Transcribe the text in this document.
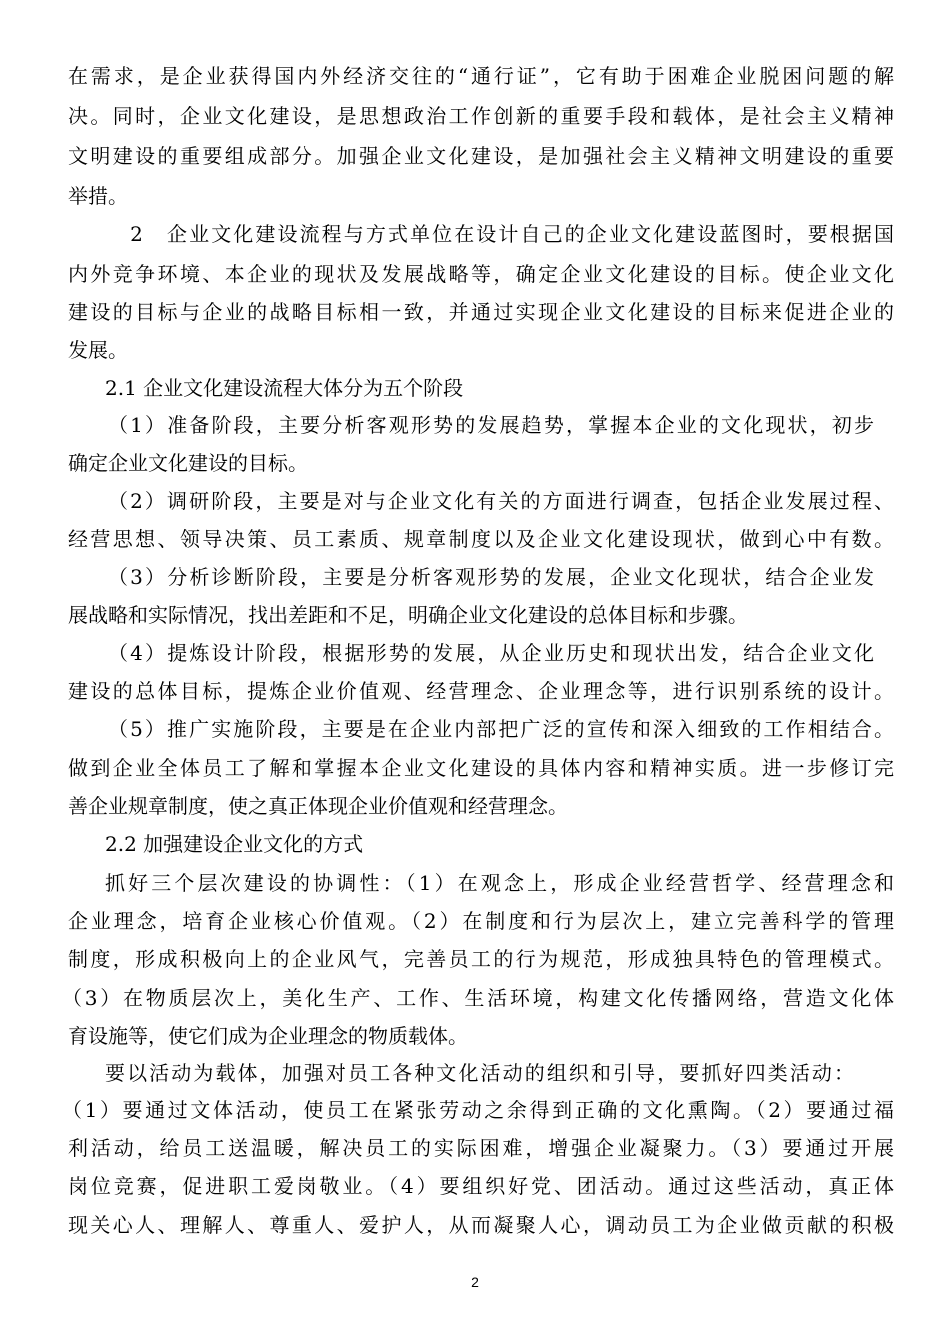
在需求，是企业获得国内外经济交往的“通行证”，它有助于困难企业脱困问题的解
决。同时，企业文化建设，是思想政治工作创新的重要手段和载体，是社会主义精神
文明建设的重要组成部分。加强企业文化建设，是加强社会主义精神文明建设的重要
举措。
　2　企业文化建设流程与方式单位在设计自己的企业文化建设蓝图时，要根据国
内外竞争环境、本企业的现状及发展战略等，确定企业文化建设的目标。使企业文化
建设的目标与企业的战略目标相一致，并通过实现企业文化建设的目标来促进企业的
发展。
2.1 企业文化建设流程大体分为五个阶段
（1）准备阶段，主要分析客观形势的发展趋势，掌握本企业的文化现状，初步
确定企业文化建设的目标。
（2）调研阶段，主要是对与企业文化有关的方面进行调查，包括企业发展过程、
经营思想、领导决策、员工素质、规章制度以及企业文化建设现状，做到心中有数。
（3）分析诊断阶段，主要是分析客观形势的发展，企业文化现状，结合企业发
展战略和实际情况，找出差距和不足，明确企业文化建设的总体目标和步骤。
（4）提炼设计阶段，根据形势的发展，从企业历史和现状出发，结合企业文化
建设的总体目标，提炼企业价值观、经营理念、企业理念等，进行识别系统的设计。
（5）推广实施阶段，主要是在企业内部把广泛的宣传和深入细致的工作相结合。
做到企业全体员工了解和掌握本企业文化建设的具体内容和精神实质。进一步修订完
善企业规章制度，使之真正体现企业价值观和经营理念。
2.2 加强建设企业文化的方式
抓好三个层次建设的协调性：（1）在观念上，形成企业经营哲学、经营理念和
企业理念，培育企业核心价值观。（2）在制度和行为层次上，建立完善科学的管理
制度，形成积极向上的企业风气，完善员工的行为规范，形成独具特色的管理模式。
（3）在物质层次上，美化生产、工作、生活环境，构建文化传播网络，营造文化体
育设施等，使它们成为企业理念的物质载体。
要以活动为载体，加强对员工各种文化活动的组织和引导，要抓好四类活动：
（1）要通过文体活动，使员工在紧张劳动之余得到正确的文化熏陶。（2）要通过福
利活动，给员工送温暖，解决员工的实际困难，增强企业凝聚力。（3）要通过开展
岗位竞赛，促进职工爱岗敬业。（4）要组织好党、团活动。通过这些活动，真正体
现关心人、理解人、尊重人、爱护人，从而凝聚人心，调动员工为企业做贡献的积极
2
